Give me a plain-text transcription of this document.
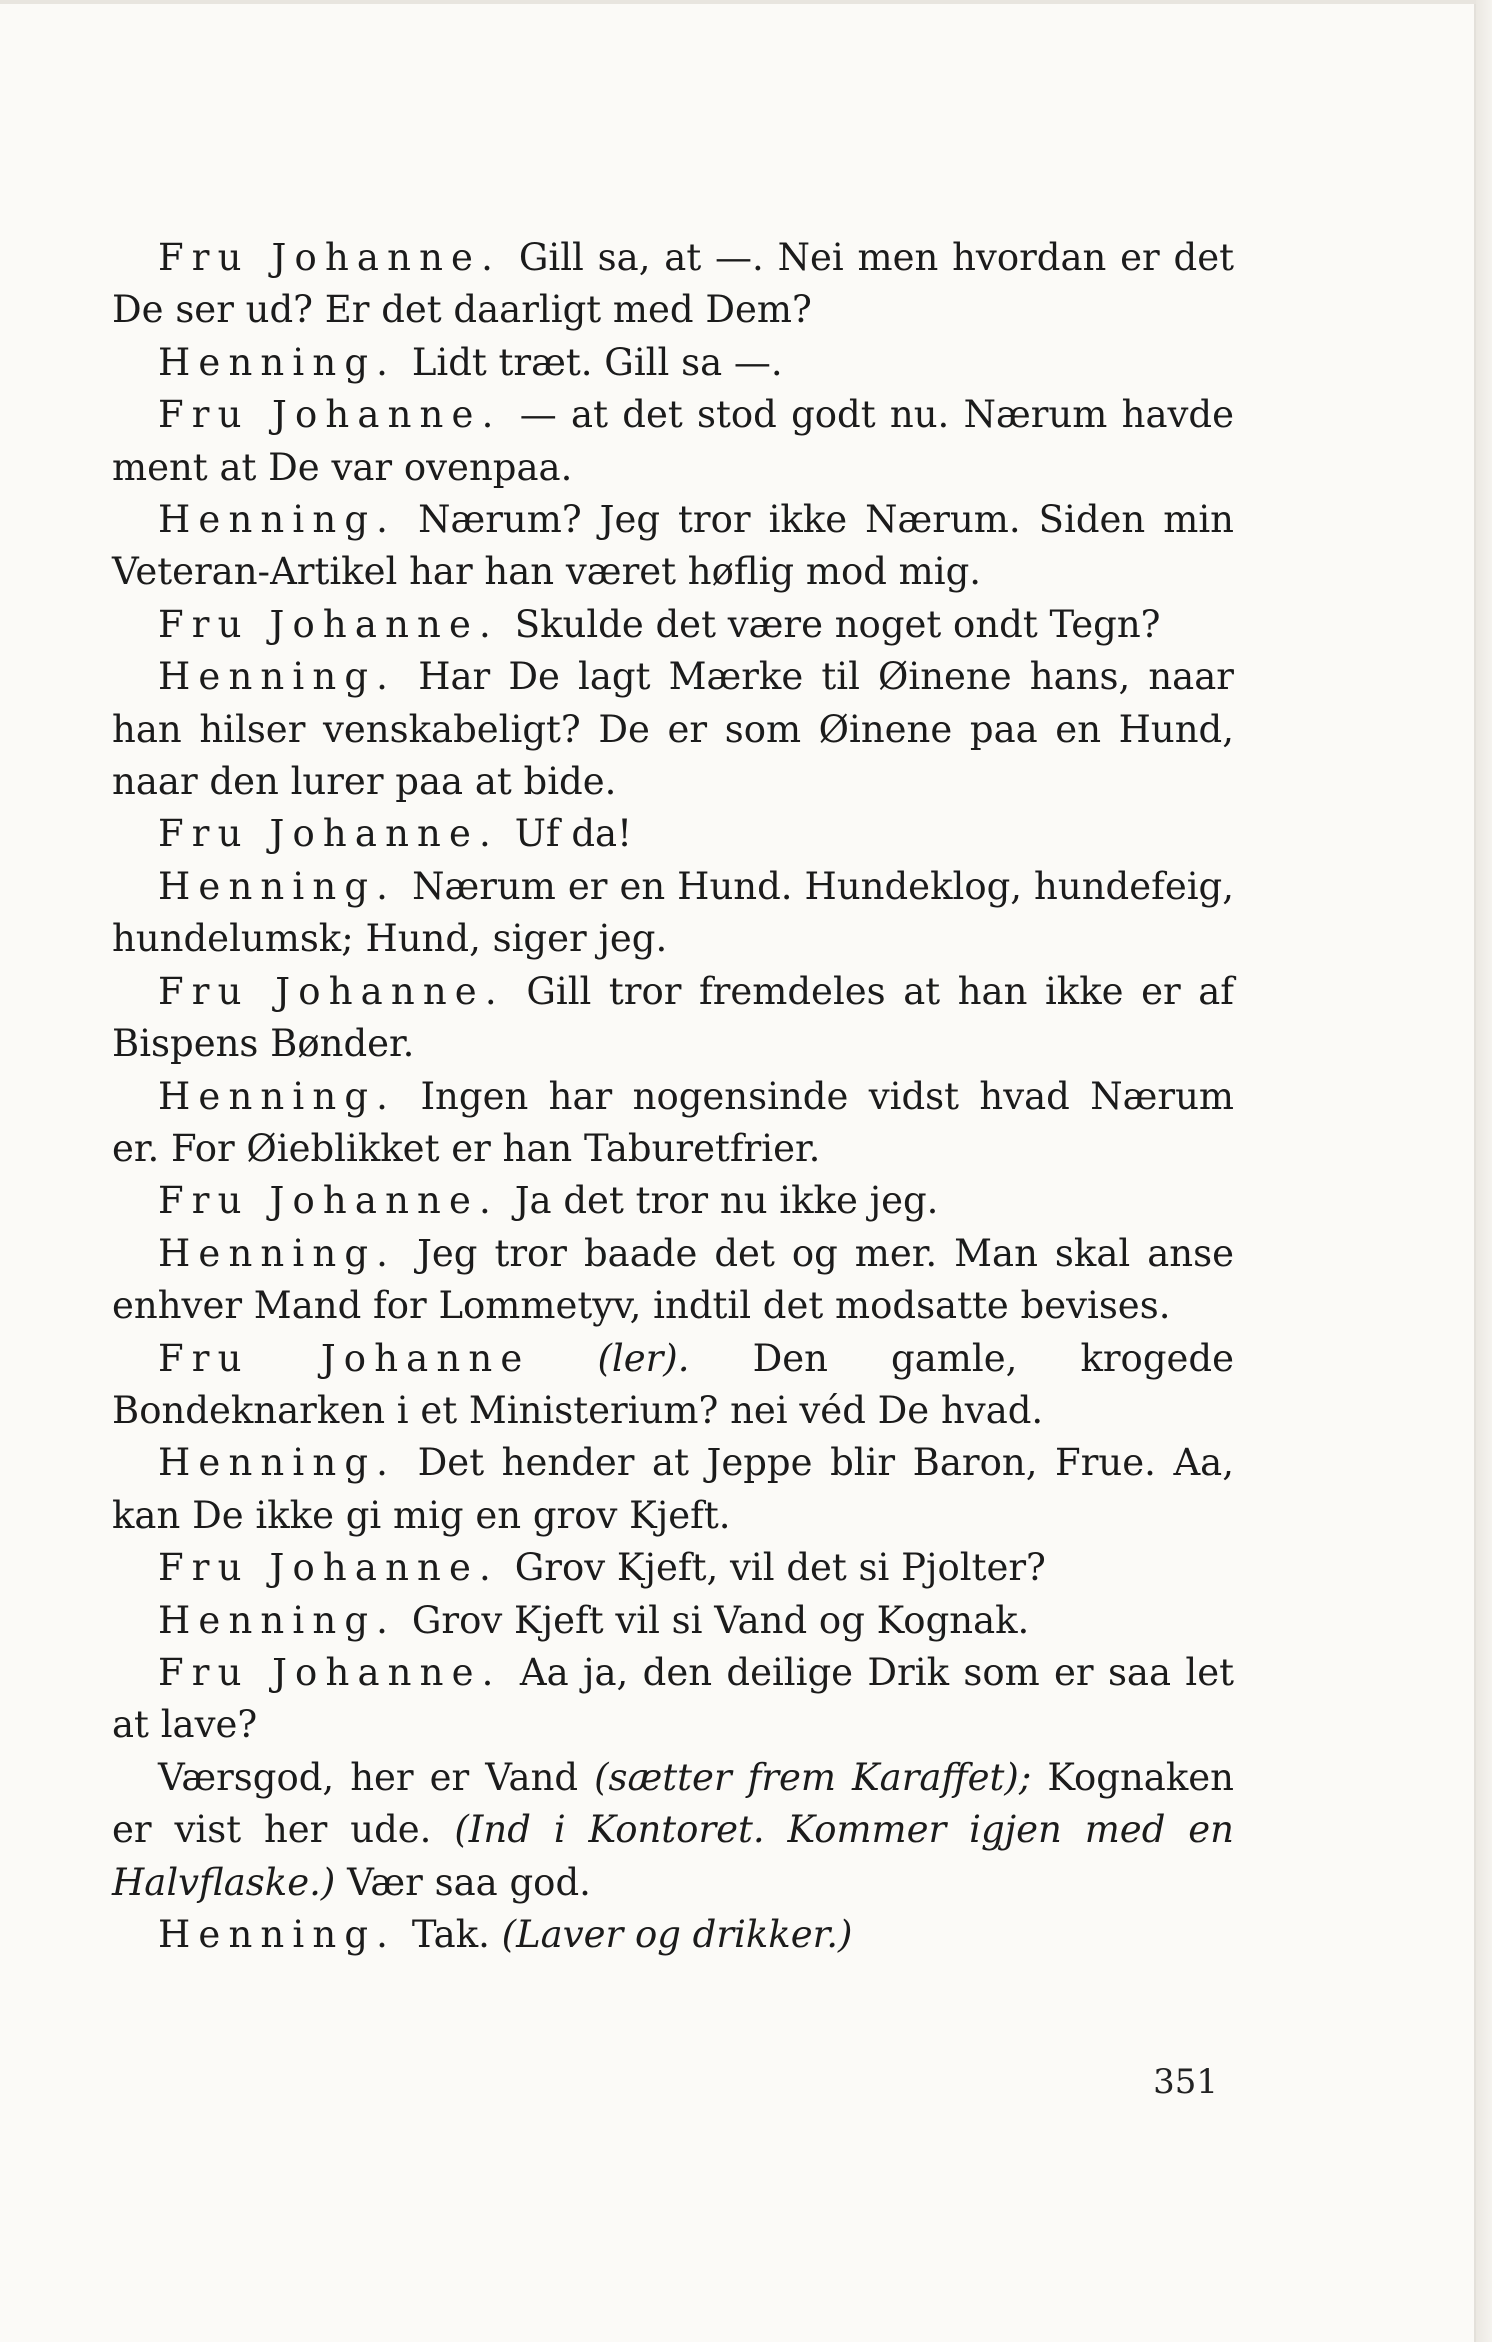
Fru Johanne. Gill sa, at —. Nei men hvordan er det De ser ud? Er det daarligt med Dem?

Henning. Lidt træt. Gill sa —.

Fru Johanne. — at det stod godt nu. Nærum havde ment at De var ovenpaa.

Henning. Nærum? Jeg tror ikke Nærum. Siden min Veteran-Artikel har han været høflig mod mig.

Fru Johanne. Skulde det være noget ondt Tegn?

Henning. Har De lagt Mærke til Øinene hans, naar han hilser venskabeligt? De er som Øinene paa en Hund, naar den lurer paa at bide.

Fru Johanne. Uf da!

Henning. Nærum er en Hund. Hundeklog, hundefeig, hundelumsk; Hund, siger jeg.

Fru Johanne. Gill tror fremdeles at han ikke er af Bispens Bønder.

Henning. Ingen har nogensinde vidst hvad Nærum er. For Øieblikket er han Taburetfrier.

Fru Johanne. Ja det tror nu ikke jeg.

Henning. Jeg tror baade det og mer. Man skal anse enhver Mand for Lommetyv, indtil det modsatte bevises.

Fru Johanne (ler). Den gamle, krogede Bondeknarken i et Ministerium? nei véd De hvad.

Henning. Det hender at Jeppe blir Baron, Frue. Aa, kan De ikke gi mig en grov Kjeft.

Fru Johanne. Grov Kjeft, vil det si Pjolter?

Henning. Grov Kjeft vil si Vand og Kognak.

Fru Johanne. Aa ja, den deilige Drik som er saa let at lave?

Værsgod, her er Vand (sætter frem Karaffet); Kognaken er vist her ude. (Ind i Kontoret. Kommer igjen med en Halvflaske.) Vær saa god.

Henning. Tak. (Laver og drikker.)

351
